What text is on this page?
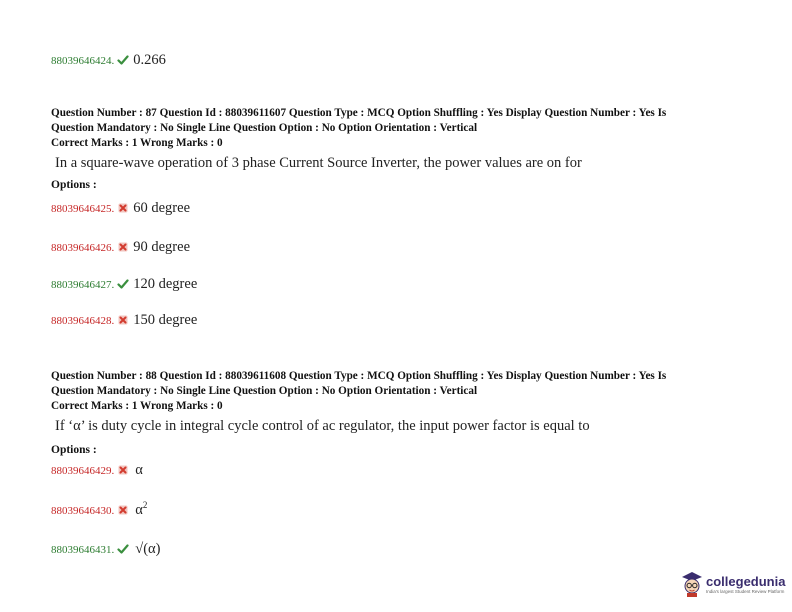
88039646424. 0.266
Question Number : 87 Question Id : 88039611607 Question Type : MCQ Option Shuffling : Yes Display Question Number : Yes Is
Question Mandatory : No Single Line Question Option : No Option Orientation : Vertical
Correct Marks : 1 Wrong Marks : 0
In a square-wave operation of 3 phase Current Source Inverter, the power values are on for
Options :
88039646425. 60 degree
88039646426. 90 degree
88039646427. 120 degree
88039646428. 150 degree
Question Number : 88 Question Id : 88039611608 Question Type : MCQ Option Shuffling : Yes Display Question Number : Yes Is
Question Mandatory : No Single Line Question Option : No Option Orientation : Vertical
Correct Marks : 1 Wrong Marks : 0
If ‘α’ is duty cycle in integral cycle control of ac regulator, the input power factor is equal to
Options :
88039646429. α
88039646430. $\alpha^2$
88039646431. √(α)
collegedunia
India's largest Student Review Platform
